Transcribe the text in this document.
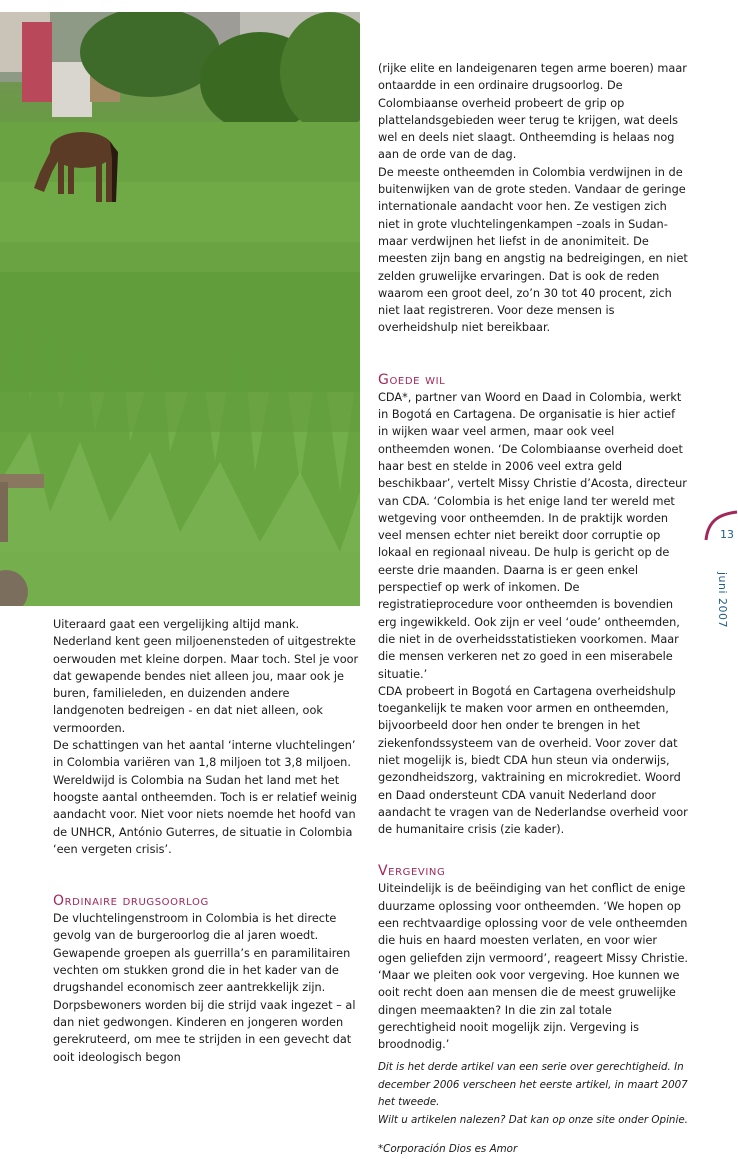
Uiteraard gaat een vergelijking altijd mank. Nederland kent geen miljoenensteden of uitgestrekte oerwouden met kleine dorpen. Maar toch. Stel je voor dat gewapende bendes niet alleen jou, maar ook je buren, familieleden, en duizenden andere landgenoten bedreigen - en dat niet alleen, ook vermoorden.

De schattingen van het aantal ‘interne vluchtelingen’ in Colombia variëren van 1,8 miljoen tot 3,8 miljoen. Wereldwijd is Colombia na Sudan het land met het hoogste aantal ontheemden. Toch is er relatief weinig aandacht voor. Niet voor niets noemde het hoofd van de UNHCR, António Guterres, de situatie in Colombia ‘een vergeten crisis’.

Ordinaire drugsoorlog

De vluchtelingenstroom in Colombia is het directe gevolg van de burgeroorlog die al jaren woedt. Gewapende groepen als guerrilla’s en paramilitairen vechten om stukken grond die in het kader van de drugshandel economisch zeer aantrekkelijk zijn. Dorpsbewoners worden bij die strijd vaak ingezet – al dan niet gedwongen. Kinderen en jongeren worden gerekruteerd, om mee te strijden in een gevecht dat ooit ideologisch begon

(rijke elite en landeigenaren tegen arme boeren) maar ontaardde in een ordinaire drugsoorlog. De Colombiaanse overheid probeert de grip op plattelandsgebieden weer terug te krijgen, wat deels wel en deels niet slaagt. Ontheemding is helaas nog aan de orde van de dag.

De meeste ontheemden in Colombia verdwijnen in de buitenwijken van de grote steden. Vandaar de geringe internationale aandacht voor hen. Ze vestigen zich niet in grote vluchtelingenkampen –zoals in Sudan- maar verdwijnen het liefst in de anonimiteit. De meesten zijn bang en angstig na bedreigingen, en niet zelden gruwelijke ervaringen. Dat is ook de reden waarom een groot deel, zo’n 30 tot 40 procent, zich niet laat registreren. Voor deze mensen is overheidshulp niet bereikbaar.

Goede wil

CDA*, partner van Woord en Daad in Colombia, werkt in Bogotá en Cartagena. De organisatie is hier actief in wijken waar veel armen, maar ook veel ontheemden wonen. ‘De Colombiaanse overheid doet haar best en stelde in 2006 veel extra geld beschikbaar’, vertelt Missy Christie d’Acosta, directeur van CDA. ‘Colombia is het enige land ter wereld met wetgeving voor ontheemden. In de praktijk worden veel mensen echter niet bereikt door corruptie op lokaal en regionaal niveau. De hulp is gericht op de eerste drie maanden. Daarna is er geen enkel perspectief op werk of inkomen. De registratieprocedure voor ontheemden is bovendien erg ingewikkeld. Ook zijn er veel ‘oude’ ontheemden, die niet in de overheidsstatistieken voorkomen. Maar die mensen verkeren net zo goed in een miserabele situatie.’

CDA probeert in Bogotá en Cartagena overheidshulp toegankelijk te maken voor armen en ontheemden, bijvoorbeeld door hen onder te brengen in het ziekenfondssysteem van de overheid. Voor zover dat niet mogelijk is, biedt CDA hun steun via onderwijs, gezondheidszorg, vaktraining en microkrediet. Woord en Daad ondersteunt CDA vanuit Nederland door aandacht te vragen van de Nederlandse overheid voor de humanitaire crisis (zie kader).

Vergeving

Uiteindelijk is de beëindiging van het conflict de enige duurzame oplossing voor ontheemden. ‘We hopen op een rechtvaardige oplossing voor de vele ontheemden die huis en haard moesten verlaten, en voor wier ogen geliefden zijn vermoord’, reageert Missy Christie. ‘Maar we pleiten ook voor vergeving. Hoe kunnen we ooit recht doen aan mensen die de meest gruwelijke dingen meemaakten? In die zin zal totale gerechtigheid nooit mogelijk zijn. Vergeving is broodnodig.’

Dit is het derde artikel van een serie over gerechtigheid. In december 2006 verscheen het eerste artikel, in maart 2007 het tweede.

Wilt u artikelen nalezen? Dat kan op onze site onder Opinie.

*Corporación Dios es Amor

13
juni 2007
